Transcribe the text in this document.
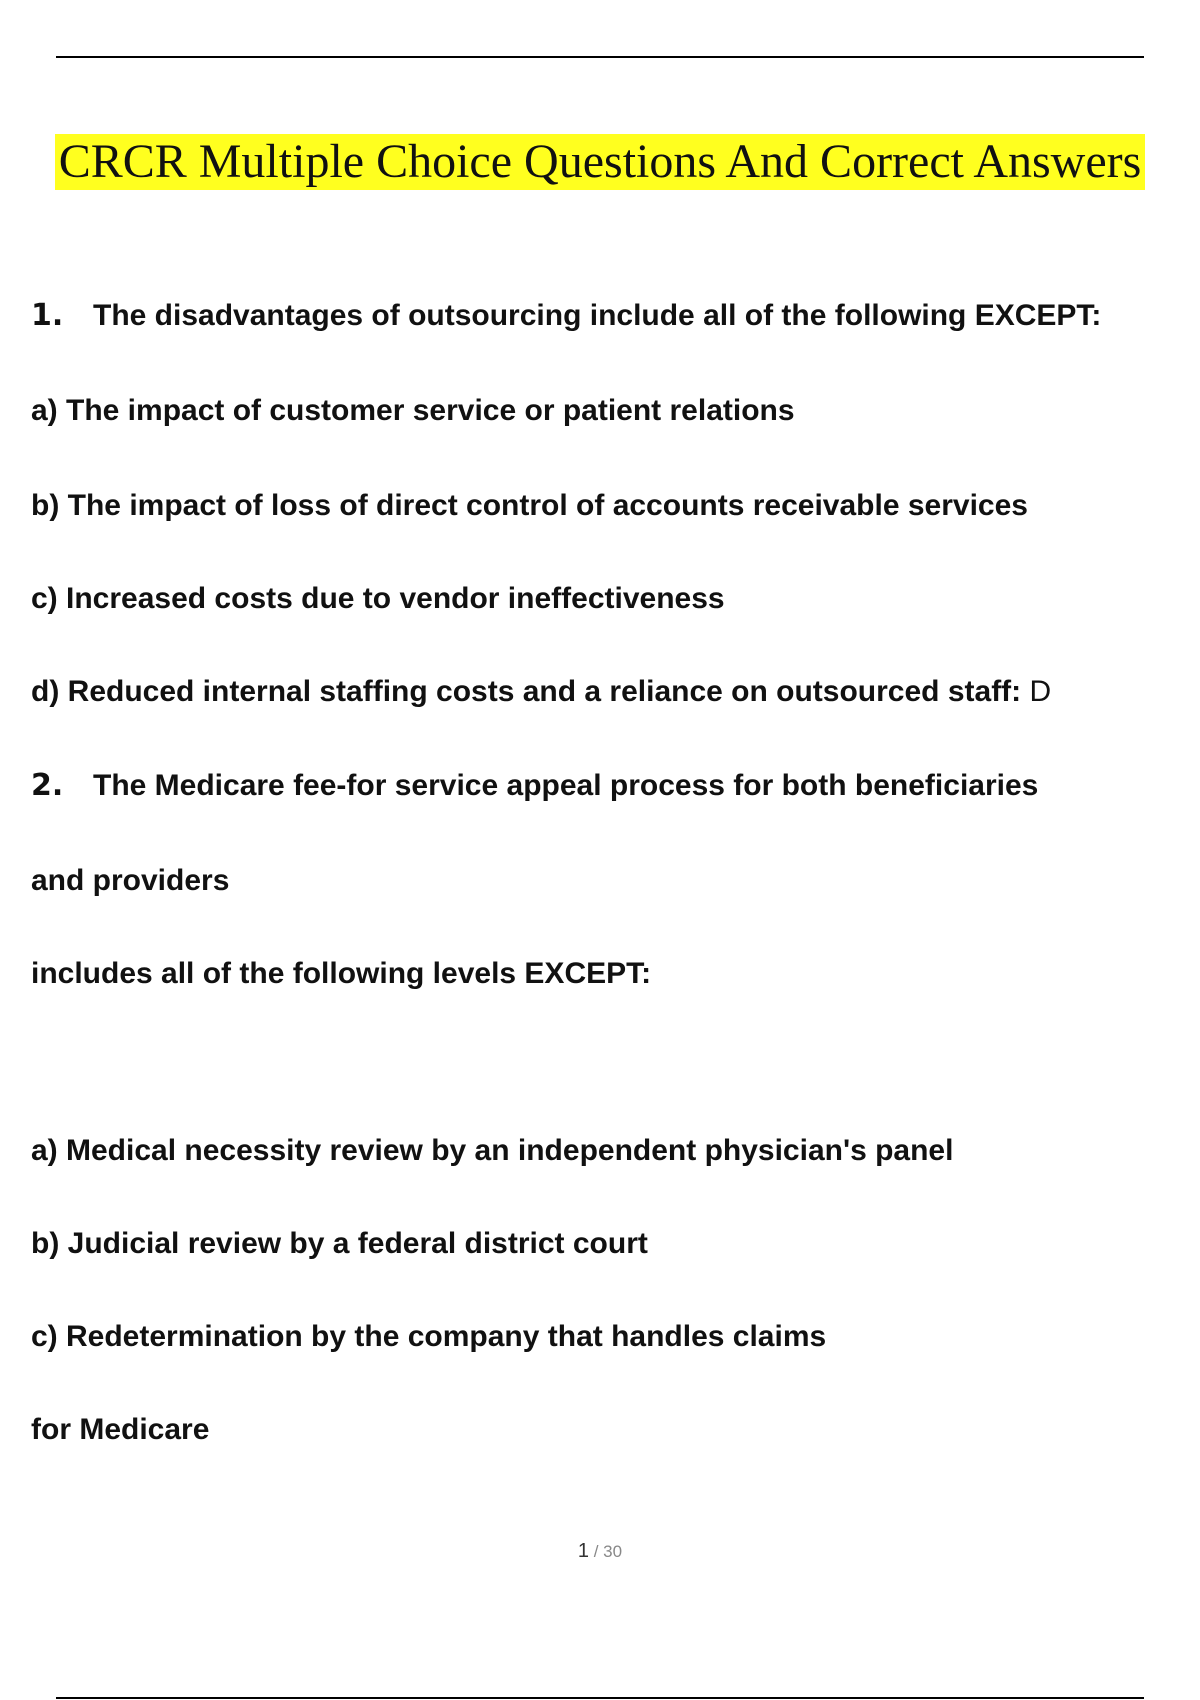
CRCR Multiple Choice Questions And Correct Answers
1. The disadvantages of outsourcing include all of the following EXCEPT:
a) The impact of customer service or patient relations
b) The impact of loss of direct control of accounts receivable services
c) Increased costs due to vendor ineffectiveness
d) Reduced internal staffing costs and a reliance on outsourced staff: D
2. The Medicare fee-for service appeal process for both beneficiaries
and providers
includes all of the following levels EXCEPT:
a) Medical necessity review by an independent physician's panel
b) Judicial review by a federal district court
c) Redetermination by the company that handles claims
for Medicare
1 / 30
